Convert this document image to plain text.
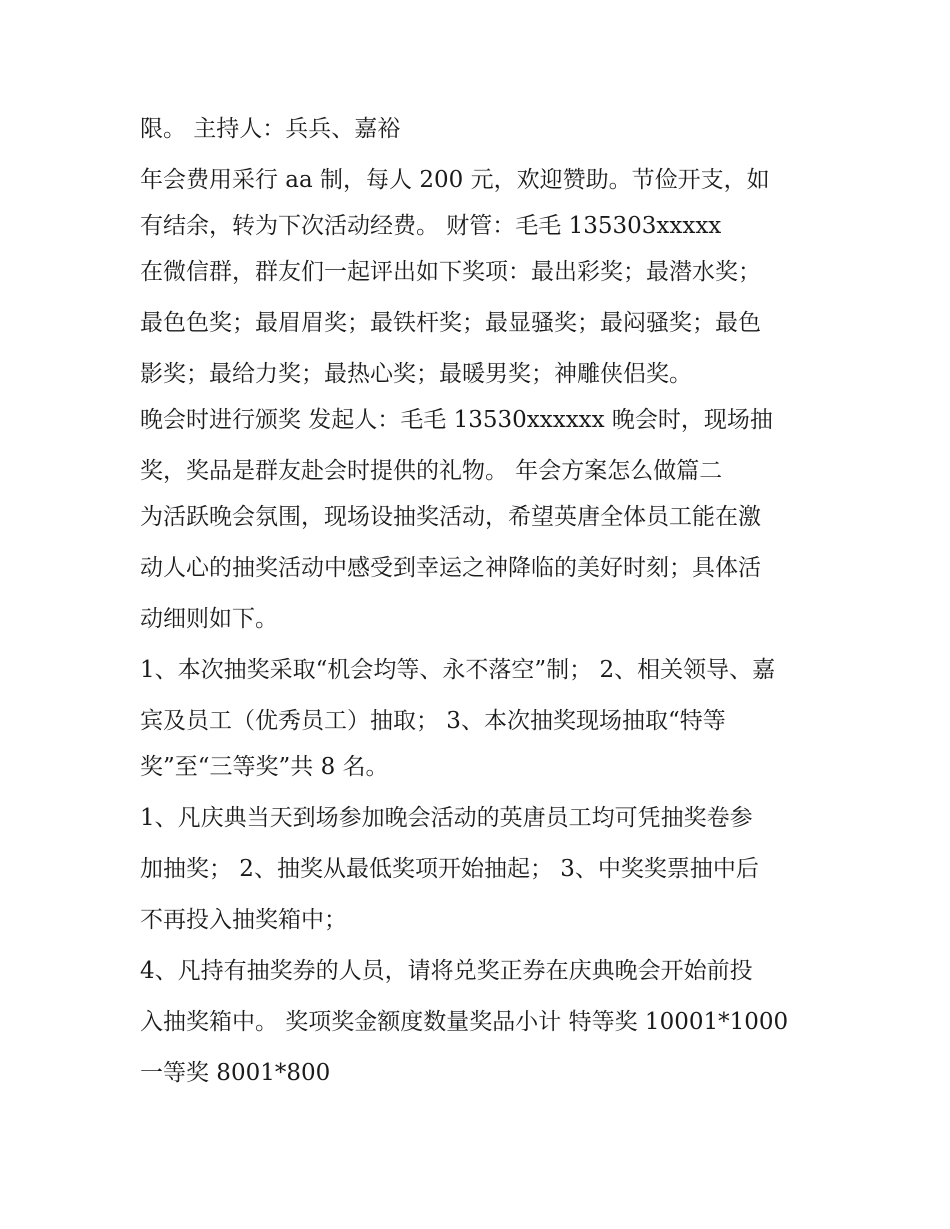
限。 主持人：兵兵、嘉裕
年会费用采行 aa 制，每人 200 元，欢迎赞助。节俭开支，如
有结余，转为下次活动经费。 财管：毛毛 135303xxxxx
在微信群，群友们一起评出如下奖项：最出彩奖；最潜水奖；
最色色奖；最眉眉奖；最铁杆奖；最显骚奖；最闷骚奖；最色
影奖；最给力奖；最热心奖；最暖男奖；神雕侠侣奖。
晚会时进行颁奖 发起人：毛毛 13530xxxxxx 晚会时，现场抽
奖，奖品是群友赴会时提供的礼物。 年会方案怎么做篇二
为活跃晚会氛围，现场设抽奖活动，希望英唐全体员工能在激
动人心的抽奖活动中感受到幸运之神降临的美好时刻；具体活
动细则如下。
1、本次抽奖采取“机会均等、永不落空”制； 2、相关领导、嘉
宾及员工（优秀员工）抽取； 3、本次抽奖现场抽取“特等
奖”至“三等奖”共 8 名。
1、凡庆典当天到场参加晚会活动的英唐员工均可凭抽奖卷参
加抽奖； 2、抽奖从最低奖项开始抽起； 3、中奖奖票抽中后
不再投入抽奖箱中；
4、凡持有抽奖券的人员，请将兑奖正券在庆典晚会开始前投
入抽奖箱中。 奖项奖金额度数量奖品小计 特等奖 10001*1000
一等奖 8001*800
